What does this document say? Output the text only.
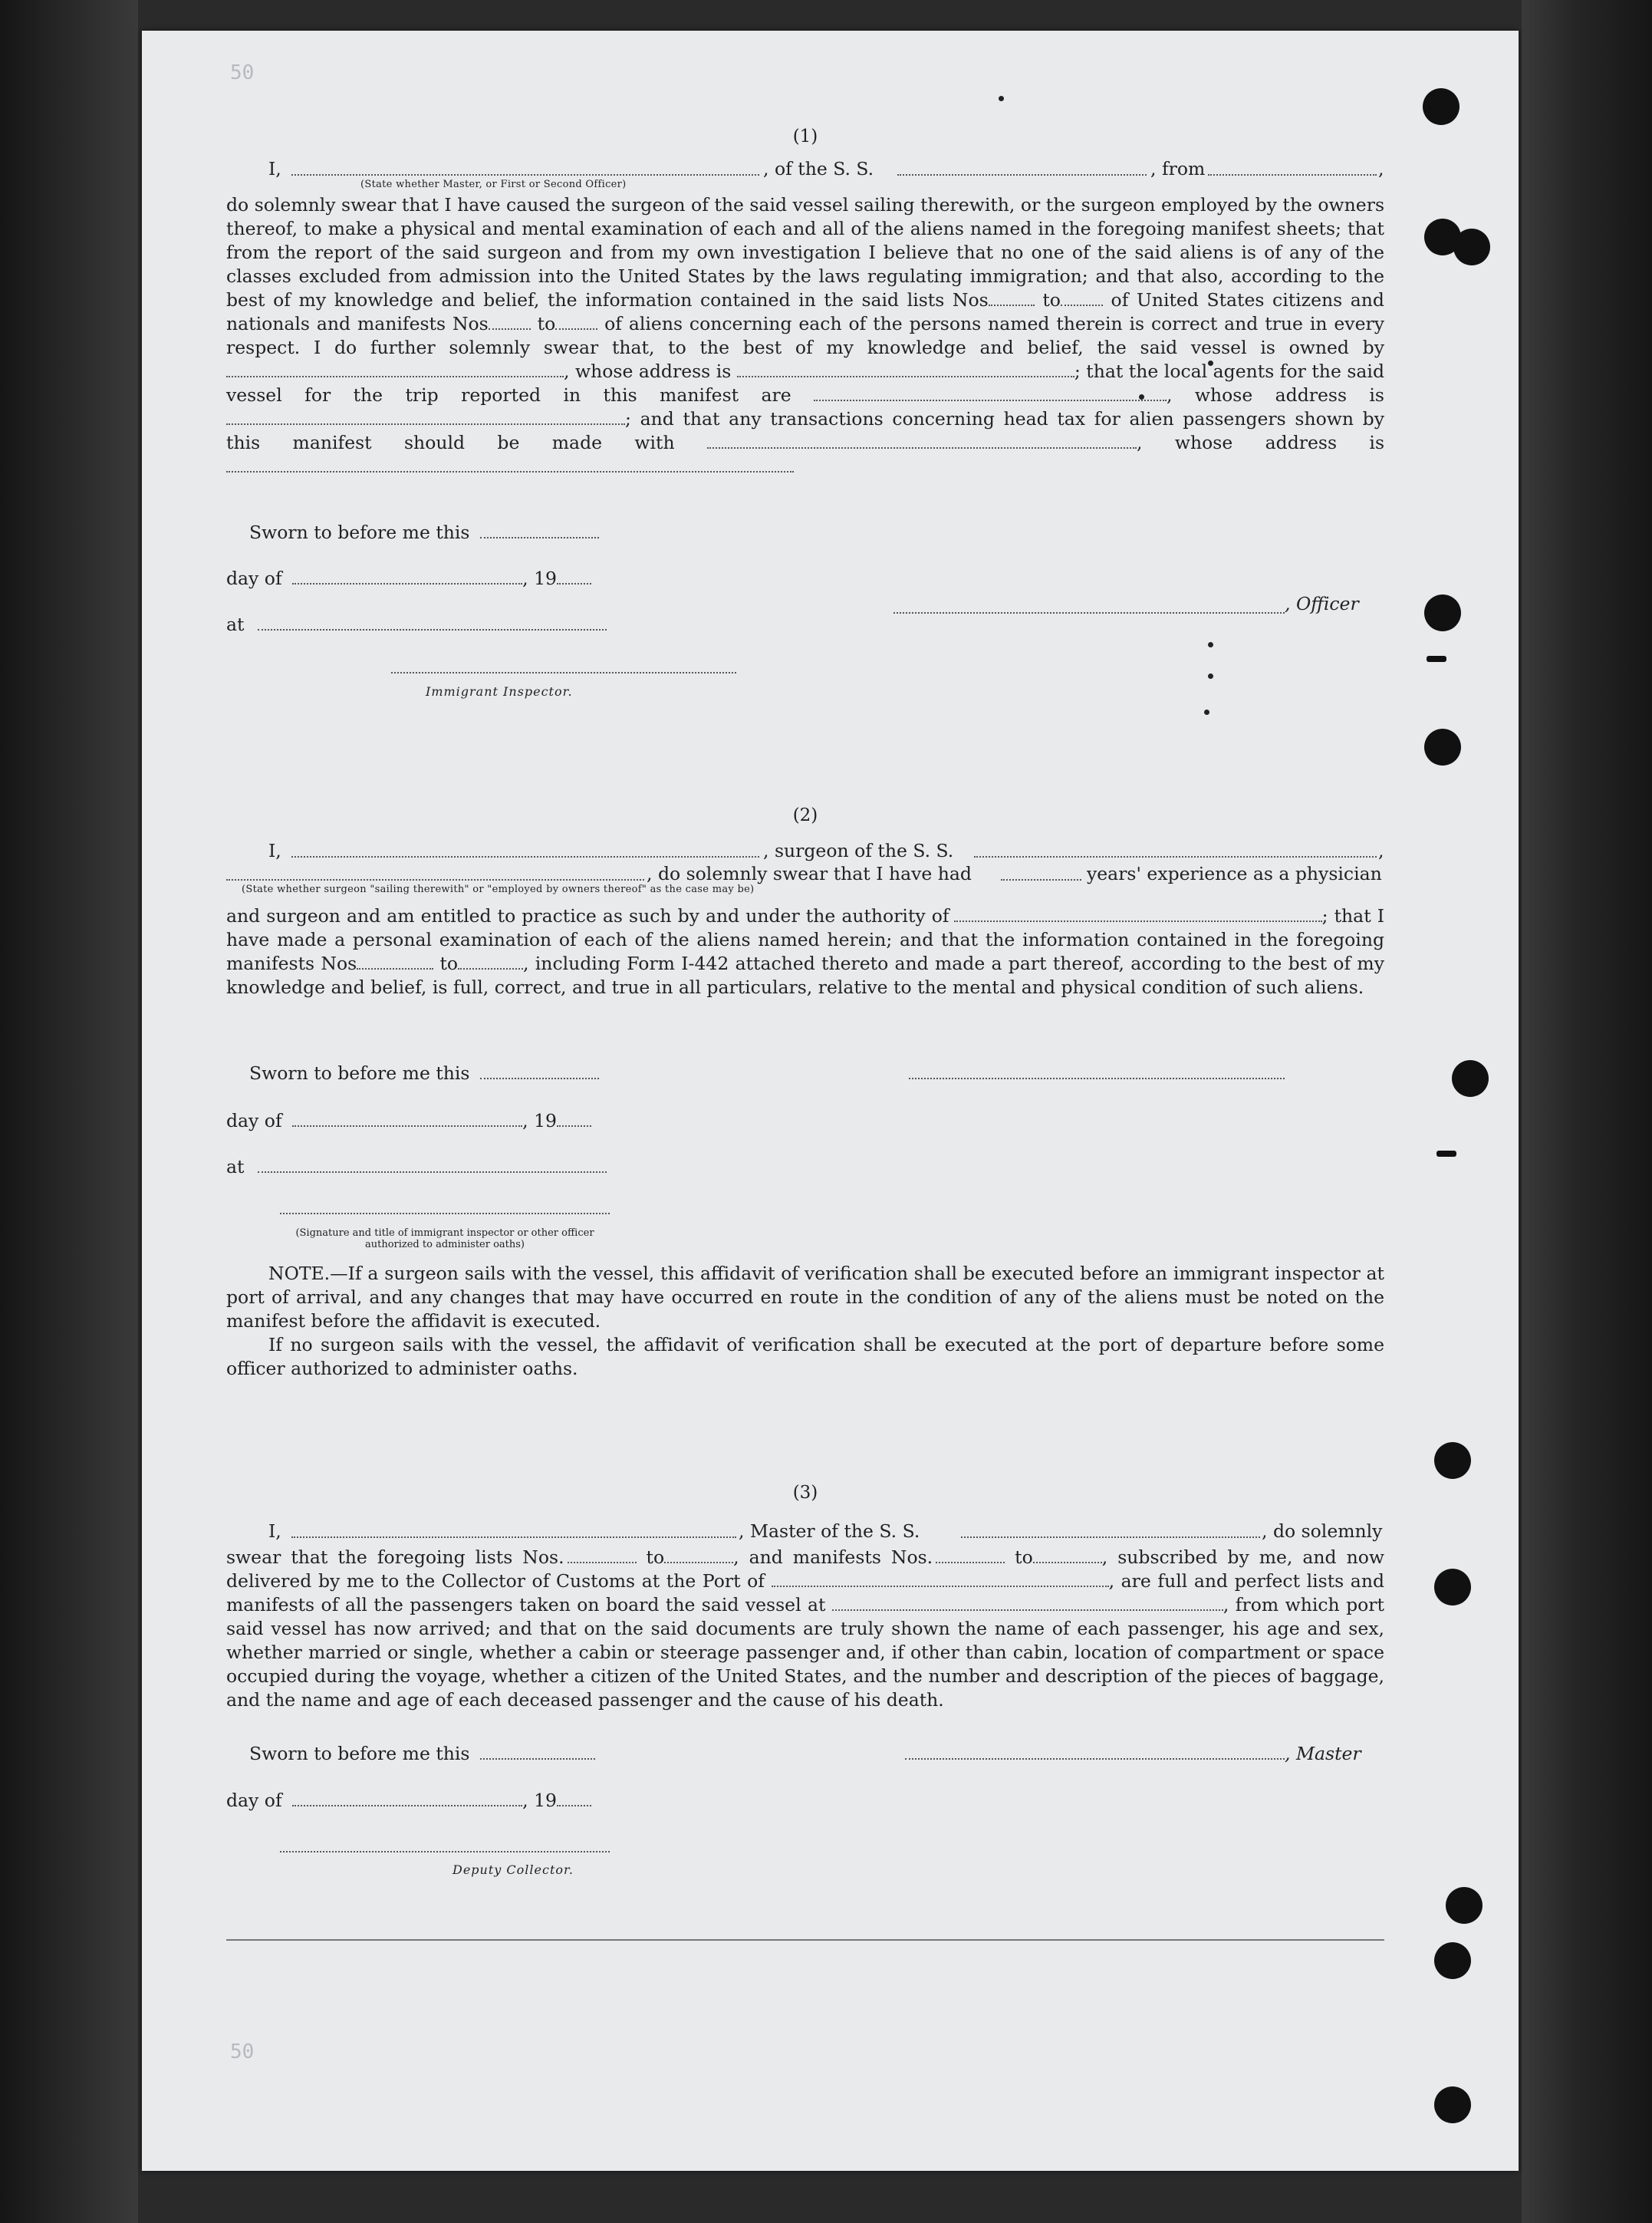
50
50
(1)
I,	, of the S. S.	, from	,
(State whether Master, or First or Second Officer)
do solemnly swear that I have caused the surgeon of the said vessel sailing therewith, or the surgeon employed by the owners thereof, to make a physical and mental examination of each and all of the aliens named in the foregoing manifest sheets; that from the report of the said surgeon and from my own investigation I believe that no one of the said aliens is of any of the classes excluded from admission into the United States by the laws regulating immigration; and that also, according to the best of my knowledge and belief, the information contained in the said lists Nos	to	of United States citizens and nationals and manifests Nos	to	of aliens concerning each of the persons named therein is correct and true in every respect. I do further solemnly swear that, to the best of my knowledge and belief, the said vessel is owned by , whose address is	; that the local agents for the said vessel for the trip reported in this manifest are	, whose address is ; and that any transactions concerning head tax for alien passengers shown by this manifest should be made with	, whose address is
Sworn to before me this
day of	, 19
at
Immigrant Inspector.
, Officer
(2)
I,	, surgeon of the S. S.	,
, do solemnly swear that I have had	years' experience as a physician
(State whether surgeon "sailing therewith" or "employed by owners thereof" as the case may be)
and surgeon and am entitled to practice as such by and under the authority of	; that I have made a personal examination of each of the aliens named herein; and that the information contained in the foregoing manifests Nos	to	, including Form I-442 attached thereto and made a part thereof, according to the best of my knowledge and belief, is full, correct, and true in all particulars, relative to the mental and physical condition of such aliens.
Sworn to before me this
day of	, 19
at
(Signature and title of immigrant inspector or other officer authorized to administer oaths)
NOTE.—If a surgeon sails with the vessel, this affidavit of verification shall be executed before an immigrant inspector at port of arrival, and any changes that may have occurred en route in the condition of any of the aliens must be noted on the manifest before the affidavit is executed.
If no surgeon sails with the vessel, the affidavit of verification shall be executed at the port of departure before some officer authorized to administer oaths.
(3)
I,	, Master of the S. S.	, do solemnly
swear that the foregoing lists Nos.	to	, and manifests Nos.	to	, subscribed by me, and now delivered by me to the Collector of Customs at the Port of	, are full and perfect lists and manifests of all the passengers taken on board the said vessel at	, from which port said vessel has now arrived; and that on the said documents are truly shown the name of each passenger, his age and sex, whether married or single, whether a cabin or steerage passenger and, if other than cabin, location of compartment or space occupied during the voyage, whether a citizen of the United States, and the number and description of the pieces of baggage, and the name and age of each deceased passenger and the cause of his death.
Sworn to before me this	, Master
day of	, 19
Deputy Collector.
